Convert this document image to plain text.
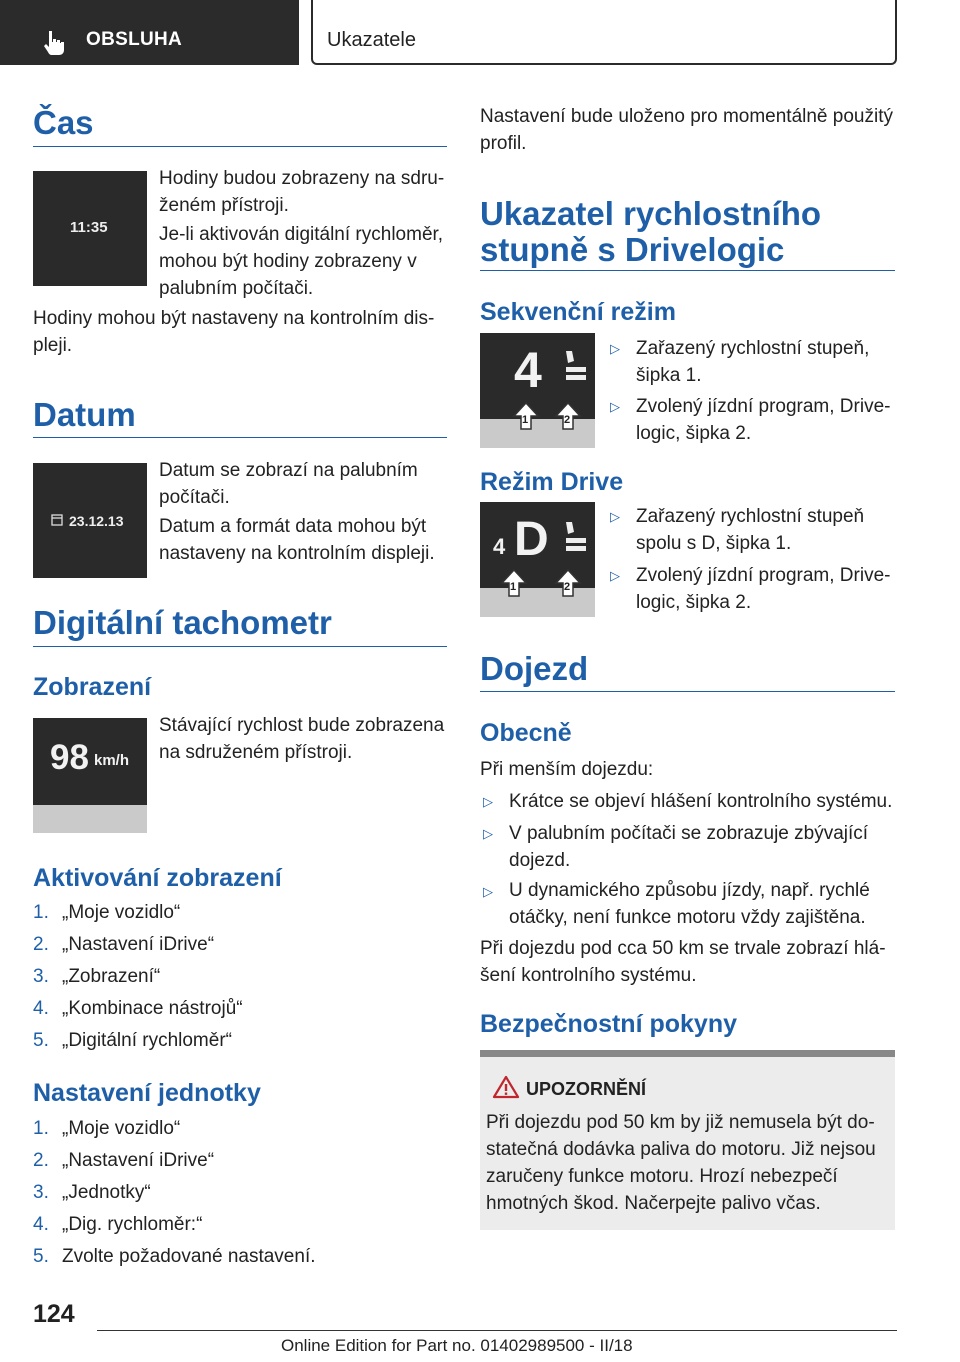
OBSLUHA	Ukazatele
Čas
11:35
Hodiny budou zobrazeny na sdruženém přístroji.
Je-li aktivován digitální rychloměr, mohou být hodiny zobrazeny v palubním počítači.
Hodiny mohou být nastaveny na kontrolním displeji.
Datum
23.12.13
Datum se zobrazí na palubním počítači.
Datum a formát data mohou být nastaveny na kontrolním displeji.
Digitální tachometr
Zobrazení
98 km/h
Stávající rychlost bude zobrazena na sdruženém přístroji.
Aktivování zobrazení
1. „Moje vozidlo“
2. „Nastavení iDrive“
3. „Zobrazení“
4. „Kombinace nástrojů“
5. „Digitální rychloměr“
Nastavení jednotky
1. „Moje vozidlo“
2. „Nastavení iDrive“
3. „Jednotky“
4. „Dig. rychloměr:“
5. Zvolte požadované nastavení.
Nastavení bude uloženo pro momentálně použitý profil.
Ukazatel rychlostního
stupně s Drivelogic
Sekvenční režim
4
1	2
▷ Zařazený rychlostní stupeň, šipka 1.
▷ Zvolený jízdní program, Drivelogic, šipka 2.
Režim Drive
4 D
1	2
▷ Zařazený rychlostní stupeň spolu s D, šipka 1.
▷ Zvolený jízdní program, Drivelogic, šipka 2.
Dojezd
Obecně
Při menším dojezdu:
▷ Krátce se objeví hlášení kontrolního systému.
▷ V palubním počítači se zobrazuje zbývající dojezd.
▷ U dynamického způsobu jízdy, např. rychlé otáčky, není funkce motoru vždy zajištěna.
Při dojezdu pod cca 50 km se trvale zobrazí hlášení kontrolního systému.
Bezpečnostní pokyny
UPOZORNĚNÍ
Při dojezdu pod 50 km by již nemusela být dostatečná dodávka paliva do motoru. Již nejsou zaručeny funkce motoru. Hrozí nebezpečí hmotných škod. Načerpejte palivo včas.
124
Online Edition for Part no. 01402989500 - II/18
